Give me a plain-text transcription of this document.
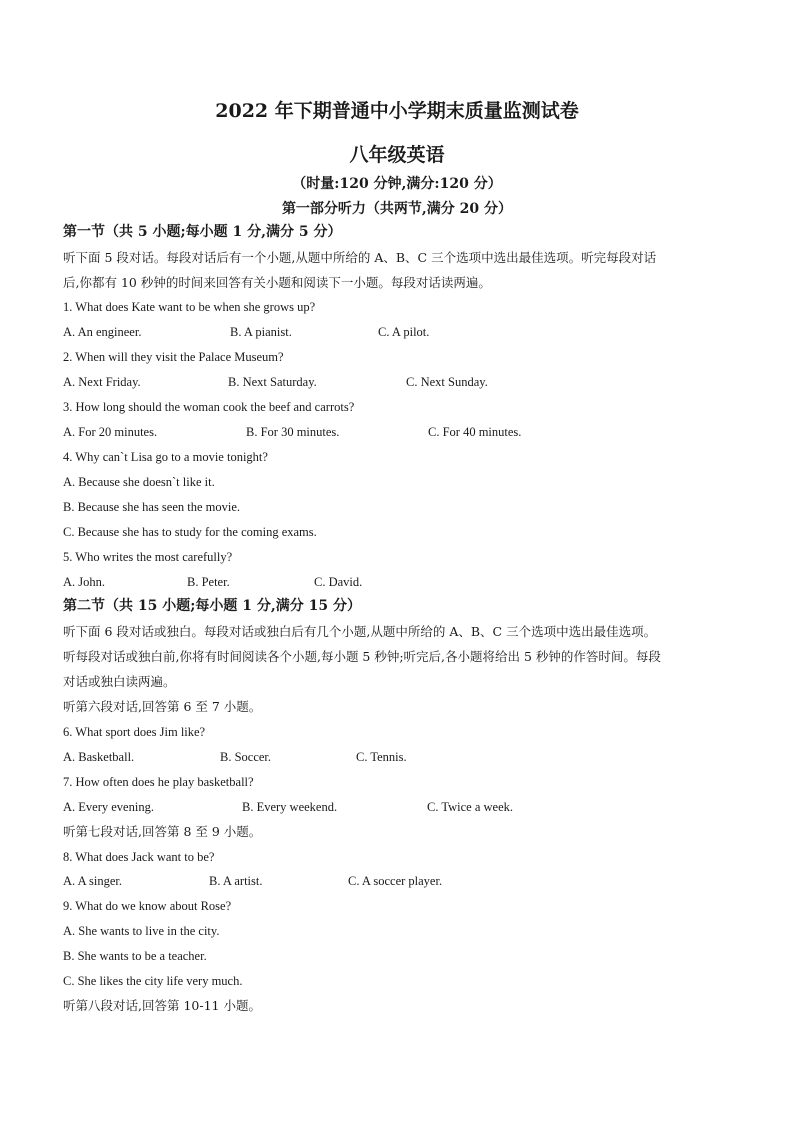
2022 年下期普通中小学期末质量监测试卷
八年级英语
（时量:120 分钟,满分:120 分）
第一部分听力（共两节,满分 20 分）
第一节（共 5 小题;每小题 1 分,满分 5 分）
听下面 5 段对话。每段对话后有一个小题,从题中所给的 A、B、C 三个选项中选出最佳选项。听完每段对话
后,你都有 10 秒钟的时间来回答有关小题和阅读下一小题。每段对话读两遍。
1. What does Kate want to be when she grows up?
A. An engineer.	B. A pianist.	C. A pilot.
2. When will they visit the Palace Museum?
A. Next Friday.	B. Next Saturday.	C. Next Sunday.
3. How long should the woman cook the beef and carrots?
A. For 20 minutes.	B. For 30 minutes.	C. For 40 minutes.
4. Why can`t Lisa go to a movie tonight?
A. Because she doesn`t like it.
B. Because she has seen the movie.
C. Because she has to study for the coming exams.
5. Who writes the most carefully?
A. John.	B. Peter.	C. David.
第二节（共 15 小题;每小题 1 分,满分 15 分）
听下面 6 段对话或独白。每段对话或独白后有几个小题,从题中所给的 A、B、C 三个选项中选出最佳选项。
听每段对话或独白前,你将有时间阅读各个小题,每小题 5 秒钟;听完后,各小题将给出 5 秒钟的作答时间。每段
对话或独白读两遍。
听第六段对话,回答第 6 至 7 小题。
6. What sport does Jim like?
A. Basketball.	B. Soccer.	C. Tennis.
7. How often does he play basketball?
A. Every evening.	B. Every weekend.	C. Twice a week.
听第七段对话,回答第 8 至 9 小题。
8. What does Jack want to be?
A. A singer.	B. A artist.	C. A soccer player.
9. What do we know about Rose?
A. She wants to live in the city.
B. She wants to be a teacher.
C. She likes the city life very much.
听第八段对话,回答第 10-11 小题。
